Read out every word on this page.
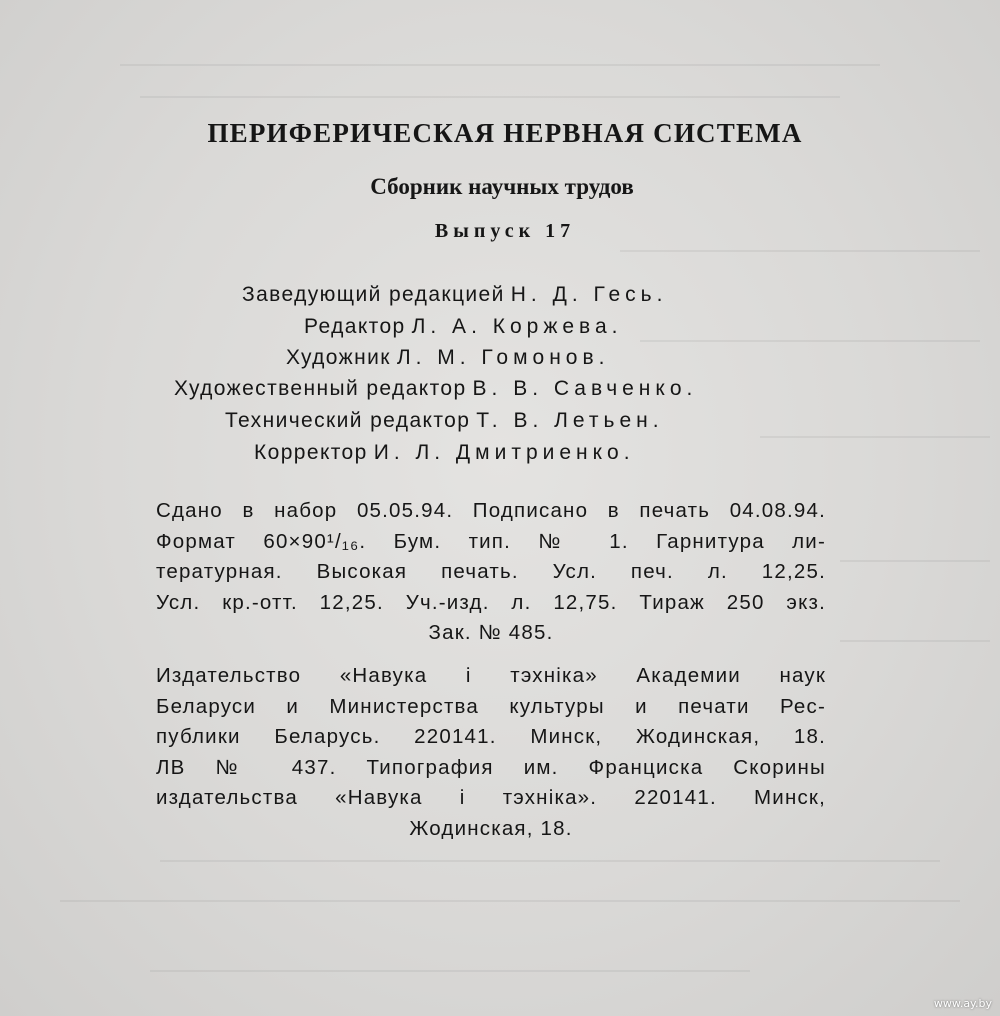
ПЕРИФЕРИЧЕСКАЯ НЕРВНАЯ СИСТЕМА
Сборник научных трудов
Выпуск 17
Заведующий редакцией Н. Д. Гесь.
Редактор Л. А. Коржева.
Художник Л. М. Гомонов.
Художественный редактор В. В. Савченко.
Технический редактор Т. В. Летьен.
Корректор И. Л. Дмитриенко.
Сдано в набор 05.05.94. Подписано в печать 04.08.94.
Формат 60×90¹/₁₆. Бум. тип. № 1. Гарнитура ли-
тературная. Высокая печать. Усл. печ. л. 12,25.
Усл. кр.-отт. 12,25. Уч.-изд. л. 12,75. Тираж 250 экз.
Зак. № 485.
Издательство «Навука і тэхніка» Академии наук
Беларуси и Министерства культуры и печати Рес-
публики Беларусь. 220141. Минск, Жодинская, 18.
ЛВ № 437. Типография им. Франциска Скорины
издательства «Навука і тэхніка». 220141. Минск,
Жодинская, 18.
www.ay.by
